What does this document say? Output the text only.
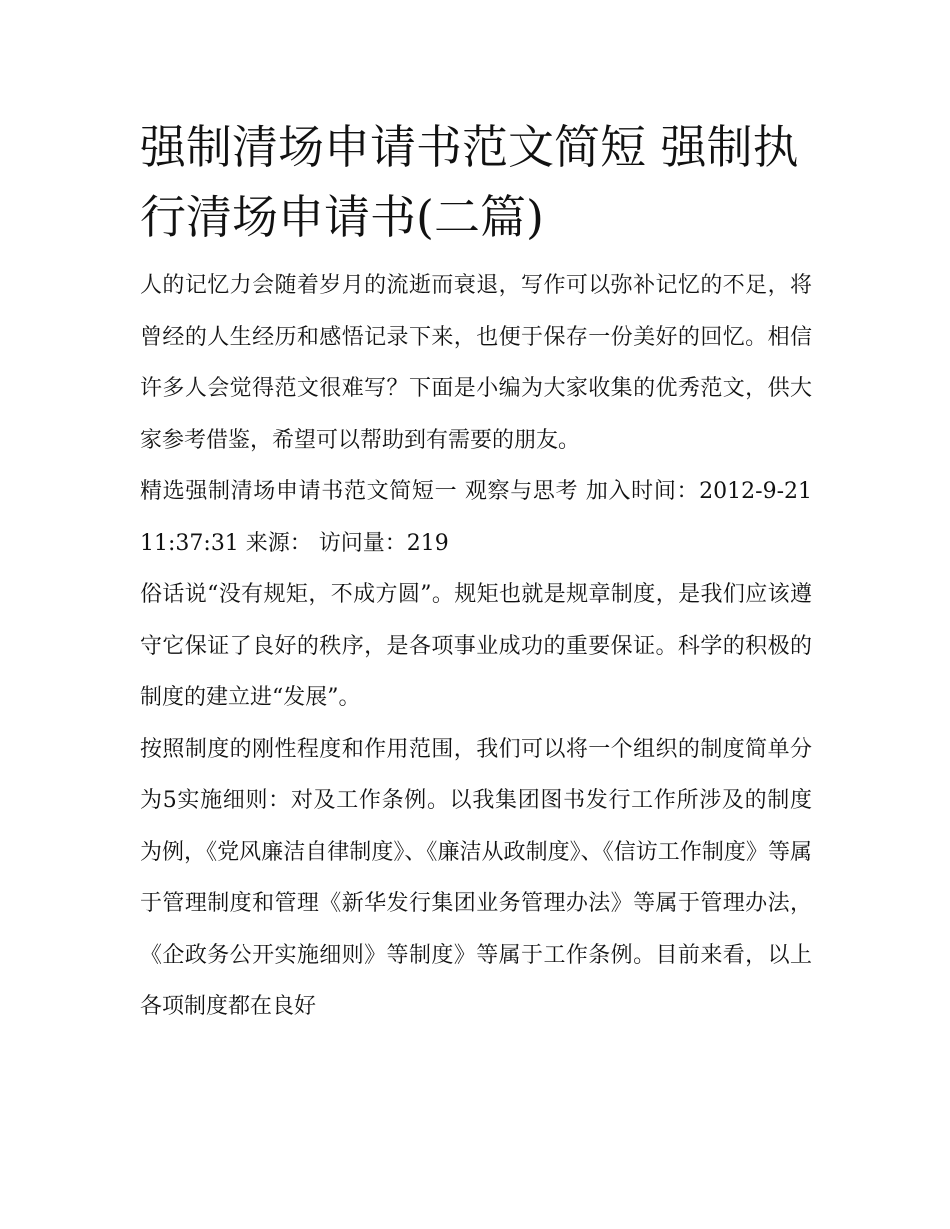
强制清场申请书范文简短 强制执行清场申请书(二篇)

人的记忆力会随着岁月的流逝而衰退，写作可以弥补记忆的不足，将曾经的人生经历和感悟记录下来，也便于保存一份美好的回忆。相信许多人会觉得范文很难写？下面是小编为大家收集的优秀范文，供大家参考借鉴，希望可以帮助到有需要的朋友。

精选强制清场申请书范文简短一 观察与思考 加入时间：2012-9-21 11:37:31 来源： 访问量：219

俗话说“没有规矩，不成方圆”。规矩也就是规章制度，是我们应该遵守它保证了良好的秩序，是各项事业成功的重要保证。科学的积极的制度的建立进“发展”。

按照制度的刚性程度和作用范围，我们可以将一个组织的制度简单分为5实施细则：对及工作条例。以我集团图书发行工作所涉及的制度为例，《党风廉洁自律制度》、《廉洁从政制度》、《信访工作制度》等属于管理制度和管理《新华发行集团业务管理办法》等属于管理办法，《企政务公开实施细则》等制度》等属于工作条例。目前来看，以上各项制度都在良好
